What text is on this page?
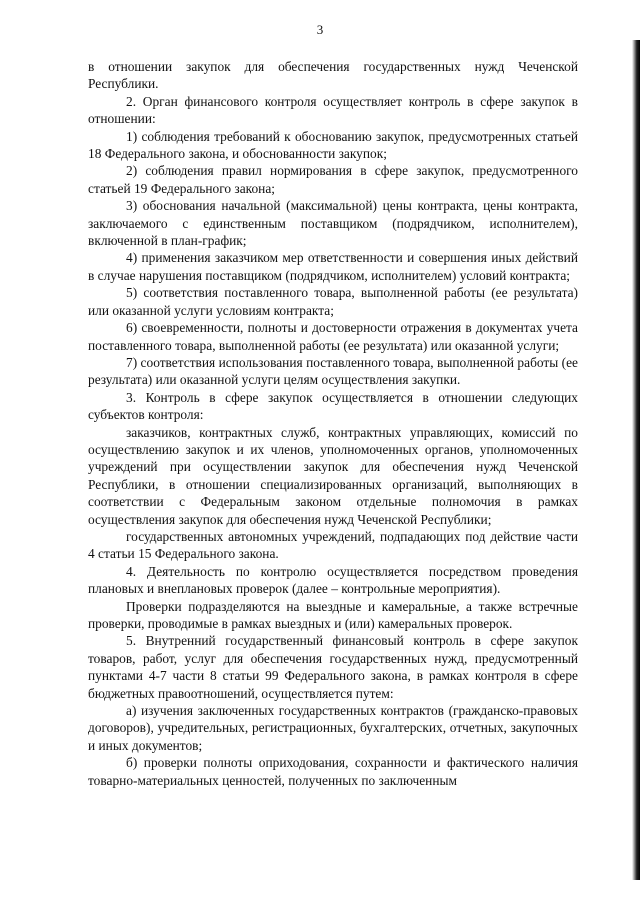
3

в отношении закупок для обеспечения государственных нужд Чеченской Республики.

2. Орган финансового контроля осуществляет контроль в сфере закупок в отношении:

1) соблюдения требований к обоснованию закупок, предусмотренных статьей 18 Федерального закона, и обоснованности закупок;

2) соблюдения правил нормирования в сфере закупок, предусмотренного статьей 19 Федерального закона;

3) обоснования начальной (максимальной) цены контракта, цены контракта, заключаемого с единственным поставщиком (подрядчиком, исполнителем), включенной в план-график;

4) применения заказчиком мер ответственности и совершения иных действий в случае нарушения поставщиком (подрядчиком, исполнителем) условий контракта;

5) соответствия поставленного товара, выполненной работы (ее результата) или оказанной услуги условиям контракта;

6) своевременности, полноты и достоверности отражения в документах учета поставленного товара, выполненной работы (ее результата) или оказанной услуги;

7) соответствия использования поставленного товара, выполненной работы (ее результата) или оказанной услуги целям осуществления закупки.

3. Контроль в сфере закупок осуществляется в отношении следующих субъектов контроля:

заказчиков, контрактных служб, контрактных управляющих, комиссий по осуществлению закупок и их членов, уполномоченных органов, уполномоченных учреждений при осуществлении закупок для обеспечения нужд Чеченской Республики, в отношении специализированных организаций, выполняющих в соответствии с Федеральным законом отдельные полномочия в рамках осуществления закупок для обеспечения нужд Чеченской Республики;

государственных автономных учреждений, подпадающих под действие части 4 статьи 15 Федерального закона.

4. Деятельность по контролю осуществляется посредством проведения плановых и внеплановых проверок (далее – контрольные мероприятия).

Проверки подразделяются на выездные и камеральные, а также встречные проверки, проводимые в рамках выездных и (или) камеральных проверок.

5. Внутренний государственный финансовый контроль в сфере закупок товаров, работ, услуг для обеспечения государственных нужд, предусмотренный пунктами 4-7 части 8 статьи 99 Федерального закона, в рамках контроля в сфере бюджетных правоотношений, осуществляется путем:

а) изучения заключенных государственных контрактов (гражданско-правовых договоров), учредительных, регистрационных, бухгалтерских, отчетных, закупочных и иных документов;

б) проверки полноты оприходования, сохранности и фактического наличия товарно-материальных ценностей, полученных по заключенным
